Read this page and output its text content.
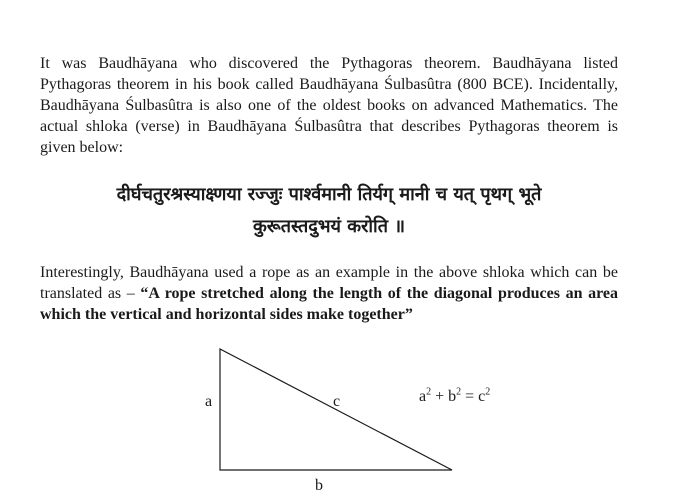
It was Baudhāyana who discovered the Pythagoras theorem. Baudhāyana listed Pythagoras theorem in his book called Baudhāyana Śulbasûtra (800 BCE). Incidentally, Baudhāyana Śulbasûtra is also one of the oldest books on advanced Mathematics. The actual shloka (verse) in Baudhāyana Śulbasûtra that describes Pythagoras theorem is given below:

दीर्घचतुरश्रस्याक्ष्णया रज्जुः पार्श्वमानी तिर्यग् मानी च यत् पृथग् भूते

कुरूतस्तदुभयं करोति ॥

Interestingly, Baudhāyana used a rope as an example in the above shloka which can be translated as – “A rope stretched along the length of the diagonal produces an area which the vertical and horizontal sides make together”

a	c
b
$a^2 + b^2 = c^2$
